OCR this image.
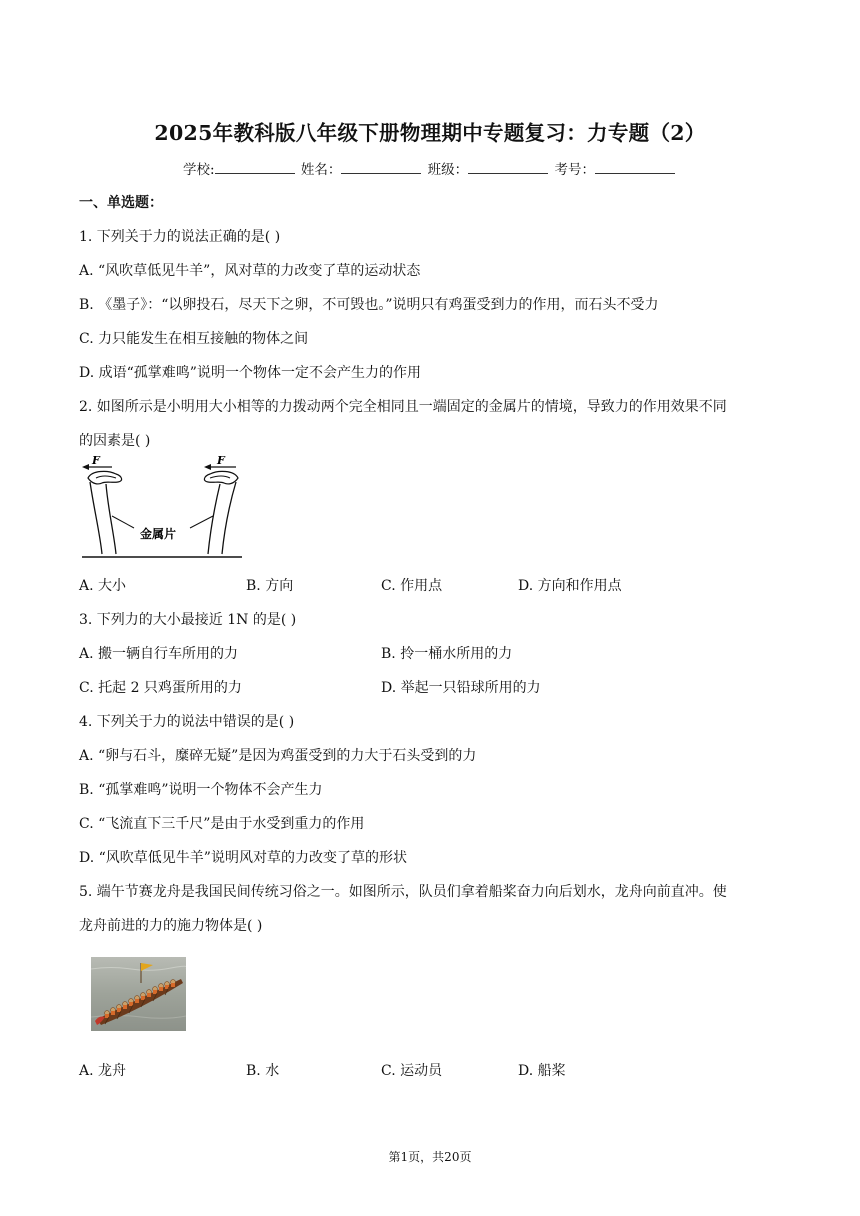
2025年教科版八年级下册物理期中专题复习：力专题（2）
学校:	姓名：	班级：	考号：
一、单选题：
1. 下列关于力的说法正确的是( )
A. “风吹草低见牛羊”，风对草的力改变了草的运动状态
B. 《墨子》：“以卵投石，尽天下之卵，不可毁也。”说明只有鸡蛋受到力的作用，而石头不受力
C. 力只能发生在相互接触的物体之间
D. 成语“孤掌难鸣”说明一个物体一定不会产生力的作用
2. 如图所示是小明用大小相等的力拨动两个完全相同且一端固定的金属片的情境，导致力的作用效果不同
的因素是( )
F	F
金属片
A. 大小	B. 方向	C. 作用点	D. 方向和作用点
3. 下列力的大小最接近 1N 的是( )
A. 搬一辆自行车所用的力	B. 拎一桶水所用的力
C. 托起 2 只鸡蛋所用的力	D. 举起一只铅球所用的力
4. 下列关于力的说法中错误的是( )
A. “卵与石斗，糜碎无疑”是因为鸡蛋受到的力大于石头受到的力
B. “孤掌难鸣”说明一个物体不会产生力
C. “飞流直下三千尺”是由于水受到重力的作用
D. “风吹草低见牛羊”说明风对草的力改变了草的形状
5. 端午节赛龙舟是我国民间传统习俗之一。如图所示，队员们拿着船桨奋力向后划水，龙舟向前直冲。使
龙舟前进的力的施力物体是( )
A. 龙舟	B. 水	C. 运动员	D. 船桨
第1页，共20页
